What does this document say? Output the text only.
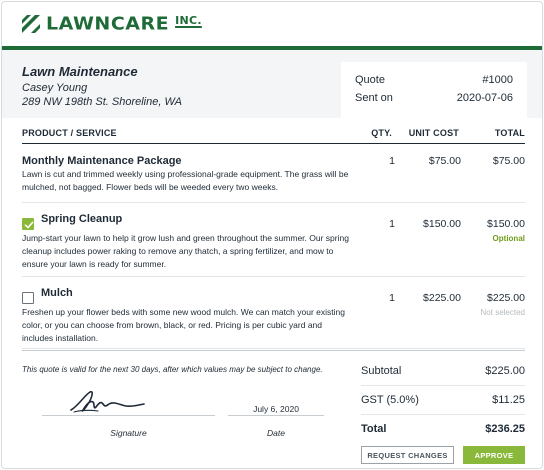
LAWNCARE INC.
Lawn Maintenance
Casey Young
289 NW 198th St. Shoreline, WA
Quote	#1000
Sent on	2020-07-06
PRODUCT / SERVICE	QTY. UNIT COST	TOTAL
Monthly Maintenance Package
Lawn is cut and trimmed weekly using professional-grade equipment. The grass will be mulched, not bagged. Flower beds will be weeded every two weeks.
1	$75.00	$75.00
Spring Cleanup
Jump-start your lawn to help it grow lush and green throughout the summer. Our spring cleanup includes power raking to remove any thatch, a spring fertilizer, and mow to ensure your lawn is ready for summer.
1	$150.00 $150.00
Optional
Mulch
Freshen up your flower beds with some new wood mulch. We can match your existing color, or you can choose from brown, black, or red. Pricing is per cubic yard and includes installation.
1	$225.00 $225.00
Not selected
This quote is valid for the next 30 days, after which values may be subject to change.
July 6, 2020
Signature	Date
Subtotal	$225.00
GST (5.0%)	$11.25
Total	$236.25
REQUEST CHANGES	APPROVE
